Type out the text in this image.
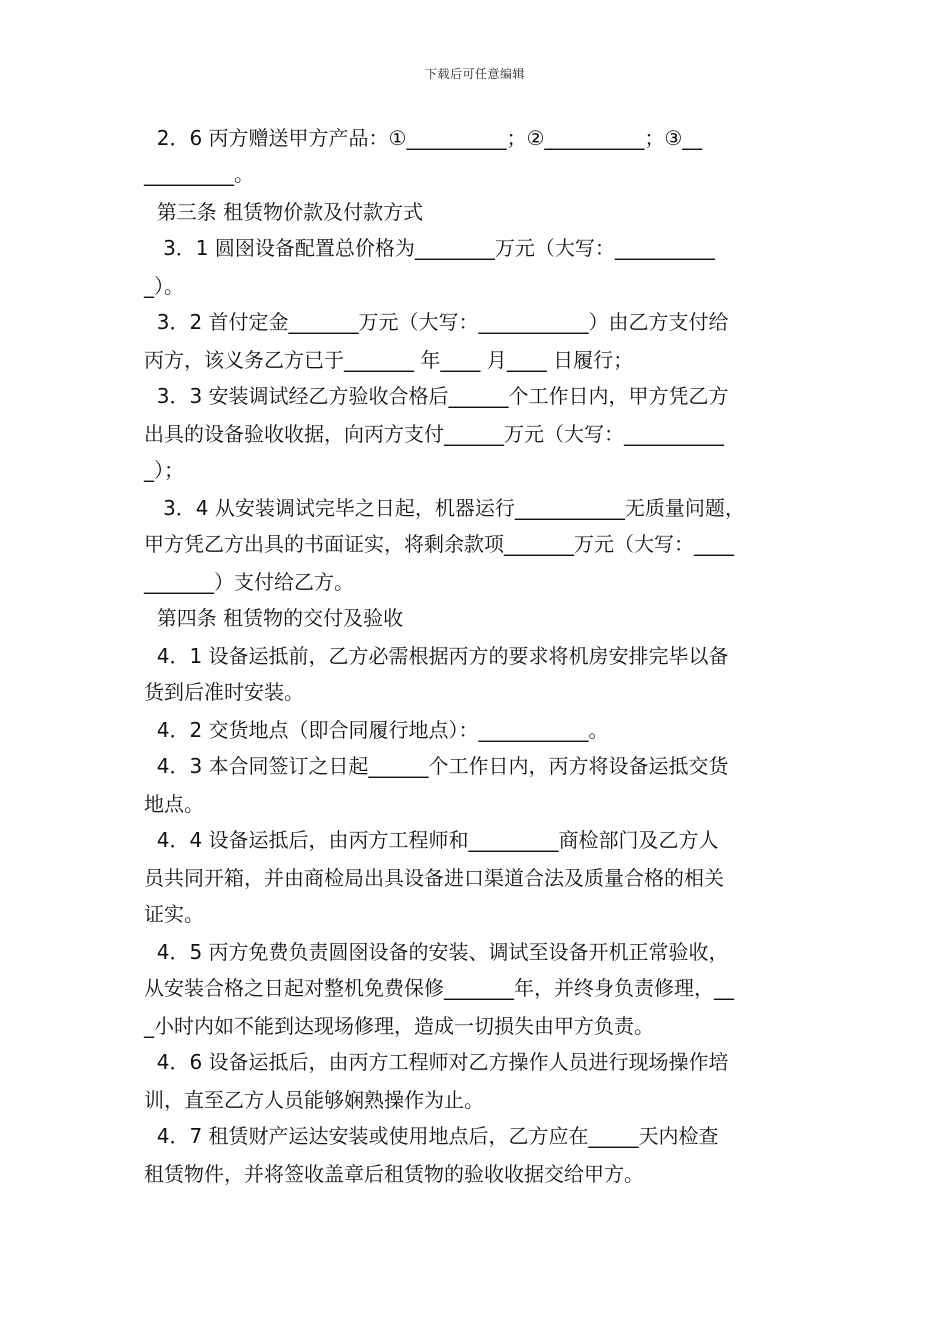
下载后可任意编辑
2．6 丙方赠送甲方产品：①__________；②__________；③__
_________。
第三条 租赁物价款及付款方式
3．1 圆囹设备配置总价格为________万元（大写：__________
_）。
3．2 首付定金_______万元（大写：___________）由乙方支付给
丙方，该义务乙方已于_______ 年____ 月____ 日履行；
3．3 安装调试经乙方验收合格后______个工作日内，甲方凭乙方
出具的设备验收收据，向丙方支付______万元（大写：__________
_）；
3．4 从安装调试完毕之日起，机器运行___________无质量问题，
甲方凭乙方出具的书面证实，将剩余款项_______万元（大写：____
_______）支付给乙方。
第四条 租赁物的交付及验收
4．1 设备运抵前，乙方必需根据丙方的要求将机房安排完毕以备
货到后准时安装。
4．2 交货地点（即合同履行地点）：___________。
4．3 本合同签订之日起______个工作日内，丙方将设备运抵交货
地点。
4．4 设备运抵后，由丙方工程师和_________商检部门及乙方人
员共同开箱，并由商检局出具设备进口渠道合法及质量合格的相关
证实。
4．5 丙方免费负责圆囹设备的安装、调试至设备开机正常验收，
从安装合格之日起对整机免费保修_______年，并终身负责修理，__
_小时内如不能到达现场修理，造成一切损失由甲方负责。
4．6 设备运抵后，由丙方工程师对乙方操作人员进行现场操作培
训，直至乙方人员能够娴熟操作为止。
4．7 租赁财产运达安装或使用地点后，乙方应在_____天内检查
租赁物件，并将签收盖章后租赁物的验收收据交给甲方。
